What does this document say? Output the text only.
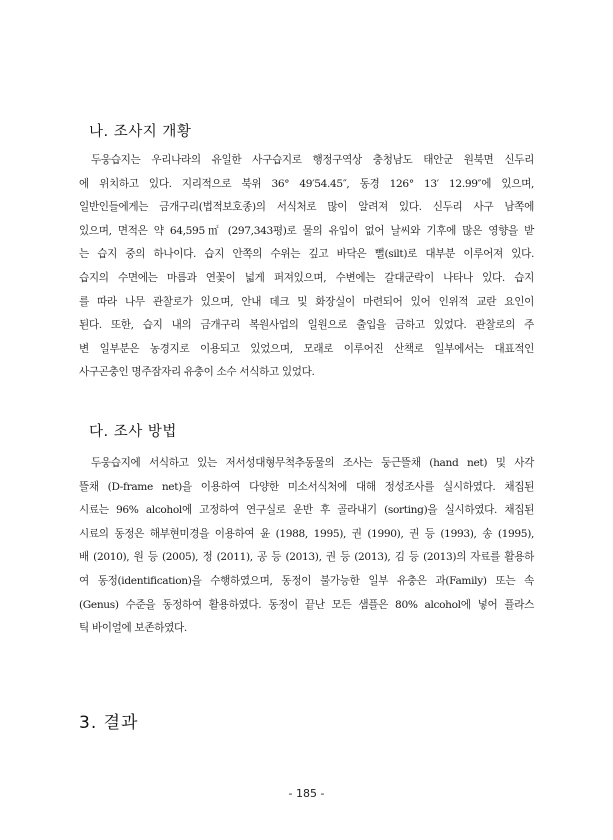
나. 조사지 개황
두웅습지는 우리나라의 유일한 사구습지로 행정구역상 충청남도 태안군 원북면 신두리
에 위치하고 있다. 지리적으로 북위 36° 49′54.45″, 동경 126° 13′ 12.99″에 있으며,
일반인들에게는 금개구리(법적보호종)의 서식처로 많이 알려져 있다. 신두리 사구 남쪽에
있으며, 면적은 약 64,595㎡ (297,343평)로 물의 유입이 없어 날씨와 기후에 많은 영향을 받
는 습지 중의 하나이다. 습지 안쪽의 수위는 깊고 바닥은 뻘(silt)로 대부분 이루어져 있다.
습지의 수면에는 마름과 연꽃이 넓게 퍼져있으며, 수변에는 갈대군락이 나타나 있다. 습지
를 따라 나무 관찰로가 있으며, 안내 데크 및 화장실이 마련되어 있어 인위적 교란 요인이
된다. 또한, 습지 내의 금개구리 복원사업의 일원으로 출입을 금하고 있었다. 관찰로의 주
변 일부분은 농경지로 이용되고 있었으며, 모래로 이루어진 산책로 일부에서는 대표적인
사구곤충인 명주잠자리 유충이 소수 서식하고 있었다.
다. 조사 방법
두웅습지에 서식하고 있는 저서성대형무척추동물의 조사는 둥근뜰채 (hand net) 및 사각
뜰채 (D-frame net)을 이용하여 다양한 미소서식처에 대해 정성조사를 실시하였다. 채집된
시료는 96% alcohol에 고정하여 연구실로 운반 후 골라내기 (sorting)을 실시하였다. 채집된
시료의 동정은 해부현미경을 이용하여 윤 (1988, 1995), 권 (1990), 권 등 (1993), 송 (1995),
배 (2010), 원 등 (2005), 정 (2011), 공 등 (2013), 권 등 (2013), 김 등 (2013)의 자료를 활용하
여 동정(identification)을 수행하였으며, 동정이 불가능한 일부 유충은 과(Family) 또는 속
(Genus) 수준을 동정하여 활용하였다. 동정이 끝난 모든 샘플은 80% alcohol에 넣어 플라스
틱 바이얼에 보존하였다.
3. 결과
- 185 -
